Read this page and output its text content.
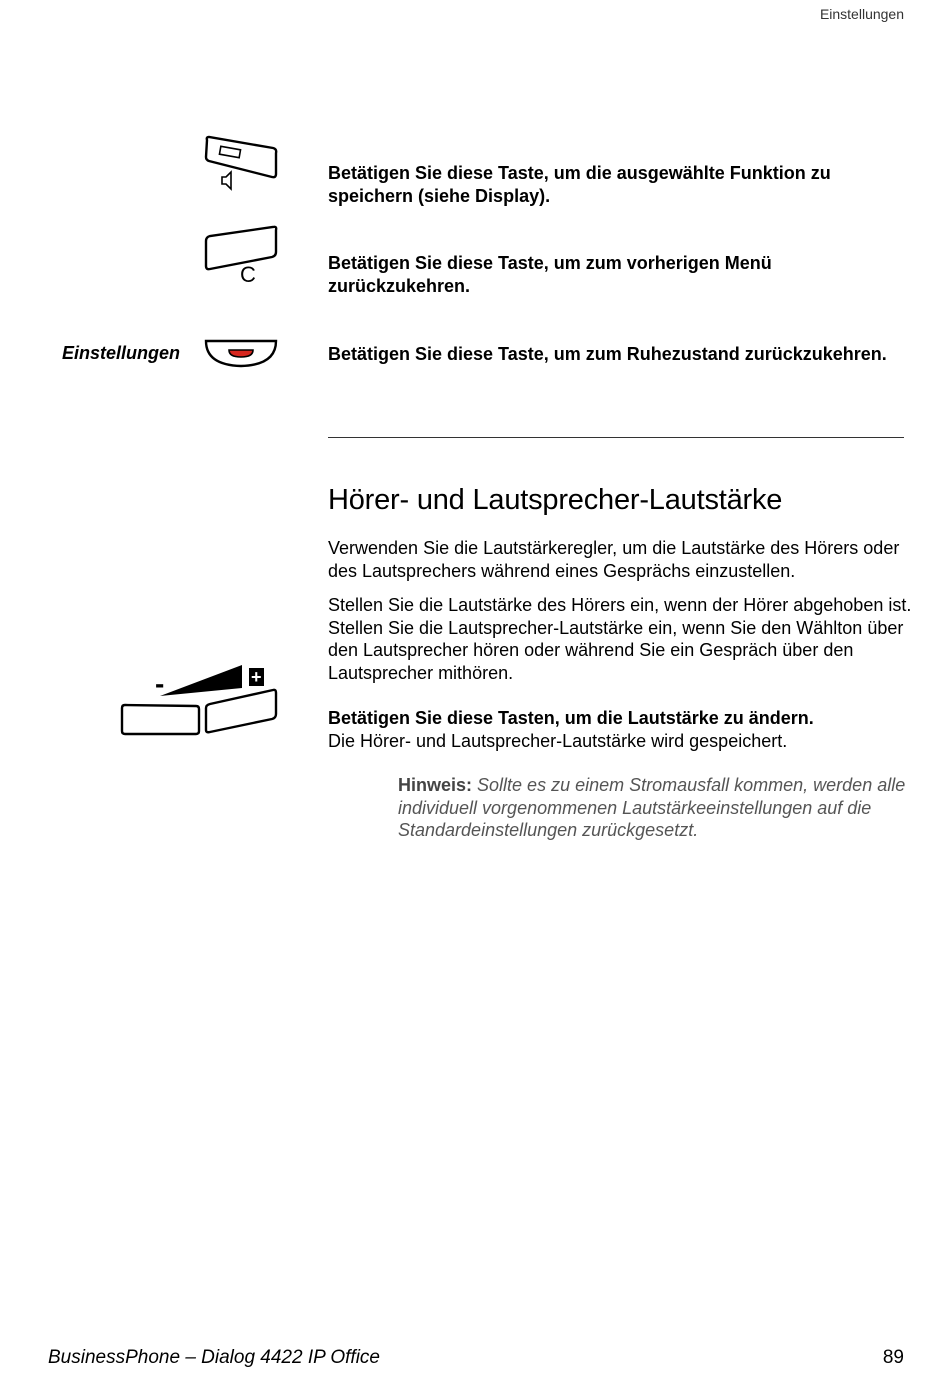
Einstellungen
Betätigen Sie diese Taste, um die ausgewählte Funktion zu speichern (siehe Display).
C	Betätigen Sie diese Taste, um zum vorherigen Menü zurückzukehren.
Einstellungen	Betätigen Sie diese Taste, um zum Ruhezustand zurückzukehren.
Hörer- und Lautsprecher-Lautstärke
Verwenden Sie die Lautstärkeregler, um die Lautstärke des Hörers oder des Lautsprechers während eines Gesprächs einzustellen.
Stellen Sie die Lautstärke des Hörers ein, wenn der Hörer abgehoben ist. Stellen Sie die Lautsprecher-Lautstärke ein, wenn Sie den Wählton über den Lautsprecher hören oder während Sie ein Gespräch über den Lautsprecher mithören.
-	+
Betätigen Sie diese Tasten, um die Lautstärke zu ändern.
Die Hörer- und Lautsprecher-Lautstärke wird gespeichert.
Hinweis: Sollte es zu einem Stromausfall kommen, werden alle individuell vorgenommenen Lautstärkeeinstellungen auf die Standardeinstellungen zurückgesetzt.
BusinessPhone – Dialog 4422 IP Office	89
